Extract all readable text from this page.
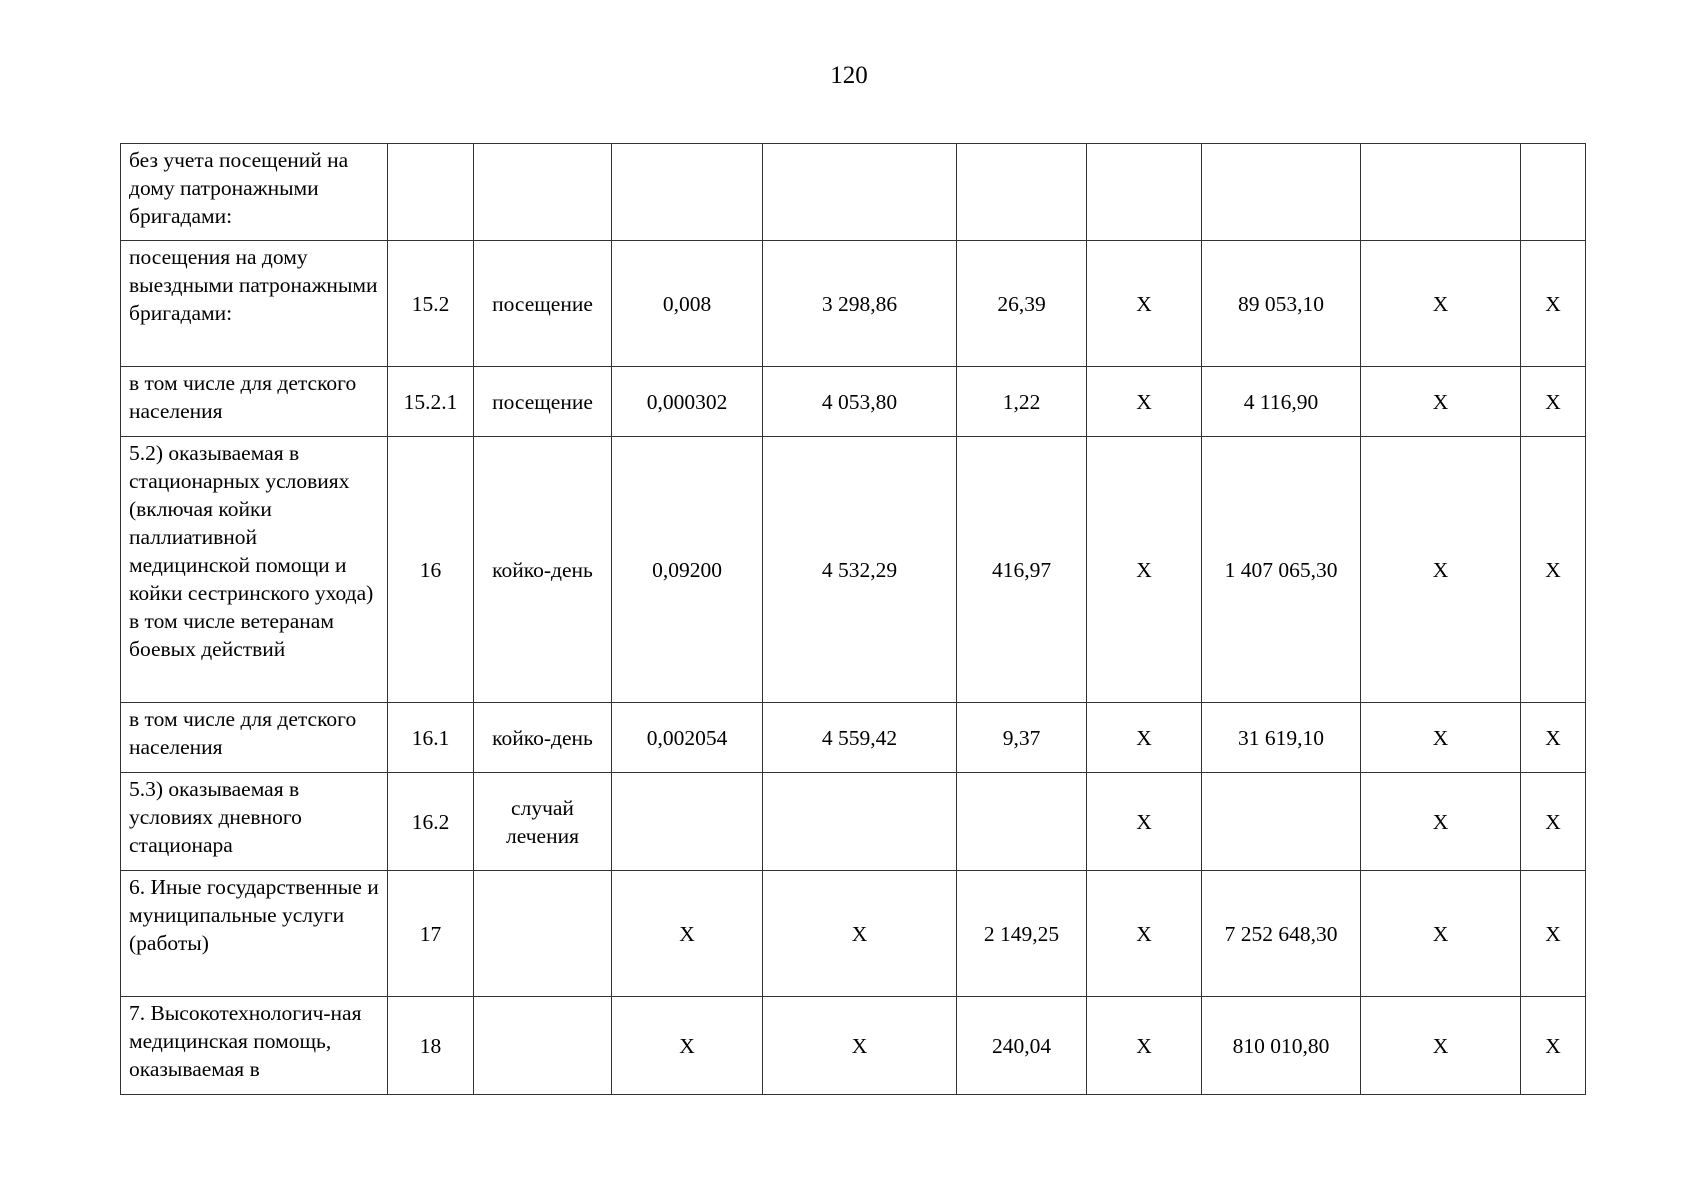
120
без учета посещений на дому патронажными бригадами:									
посещения на дому выездными патронажными бригадами:	15.2	посещение	0,008	3 298,86	26,39	Х	89 053,10	Х	Х
в том числе для детского населения	15.2.1	посещение	0,000302	4 053,80	1,22	Х	4 116,90	Х	Х
5.2) оказываемая в стационарных условиях (включая койки паллиативной медицинской помощи и койки сестринского ухода) в том числе ветеранам боевых действий	16	койко-день	0,09200	4 532,29	416,97	Х	1 407 065,30	Х	Х
в том числе для детского населения	16.1	койко-день	0,002054	4 559,42	9,37	Х	31 619,10	Х	Х
5.3) оказываемая в условиях дневного стационара	16.2	случай лечения				Х		Х	Х
6. Иные государственные и муниципальные услуги (работы)	17		Х	Х	2 149,25	Х	7 252 648,30	Х	Х
7. Высокотехнологич-ная медицинская помощь, оказываемая в	18		Х	Х	240,04	Х	810 010,80	Х	Х
